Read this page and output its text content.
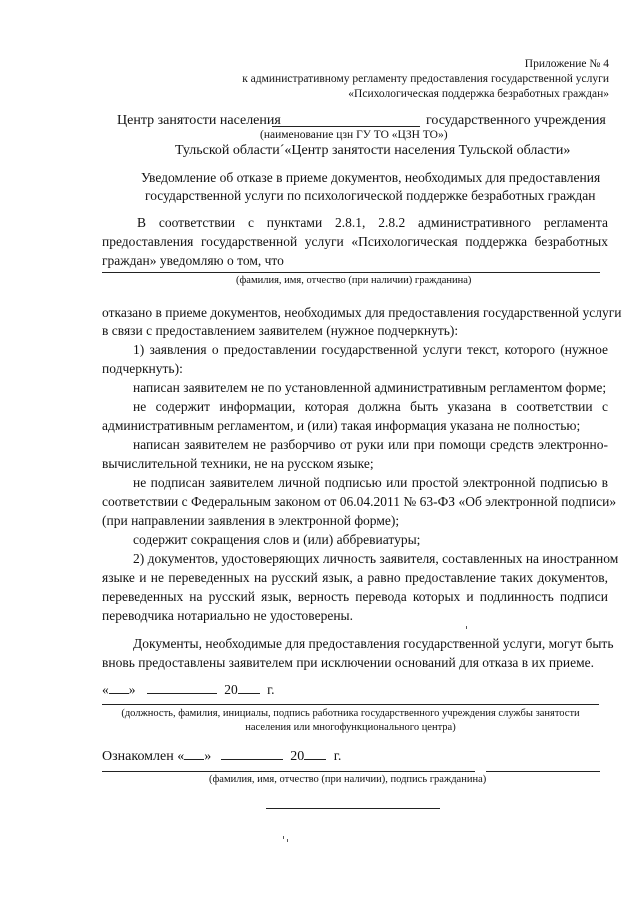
Приложение № 4
к административному регламенту предоставления государственной услуги
«Психологическая поддержка безработных граждан»
Центр занятости населения	государственного учреждения
(наименование цзн ГУ ТО «ЦЗН ТО»)
Тульской области´«Центр занятости населения Тульской области»
Уведомление об отказе в приеме документов, необходимых для предоставления
государственной услуги по психологической поддержке безработных граждан
В соответствии с пунктами 2.8.1, 2.8.2 административного регламента
предоставления государственной услуги «Психологическая поддержка безработных
граждан» уведомляю о том, что
(фамилия, имя, отчество (при наличии) гражданина)
отказано в приеме документов, необходимых для предоставления государственной услуги
в связи с предоставлением заявителем (нужное подчеркнуть):
1) заявления о предоставлении государственной услуги текст, которого (нужное
подчеркнуть):
написан заявителем не по установленной административным регламентом форме;
не содержит информации, которая должна быть указана в соответствии с
административным регламентом, и (или) такая информация указана не полностью;
написан заявителем не разборчиво от руки или при помощи средств электронно-
вычислительной техники, не на русском языке;
не подписан заявителем личной подписью или простой электронной подписью в
соответствии с Федеральным законом от 06.04.2011 № 63-ФЗ «Об электронной подписи»
(при направлении заявления в электронной форме);
содержит сокращения слов и (или) аббревиатуры;
2) документов, удостоверяющих личность заявителя, составленных на иностранном
языке и не переведенных на русский язык, а равно предоставление таких документов,
переведенных на русский язык, верность перевода которых и подлинность подписи
переводчика нотариально не удостоверены.
Документы, необходимые для предоставления государственной услуги, могут быть
вновь предоставлены заявителем при исключении оснований для отказа в их приеме.
« »	20 г.
(должность, фамилия, инициалы, подпись работника государственного учреждения службы занятости
населения или многофункционального центра)
Ознакомлен « »	20 г.
(фамилия, имя, отчество (при наличии), подпись гражданина)
